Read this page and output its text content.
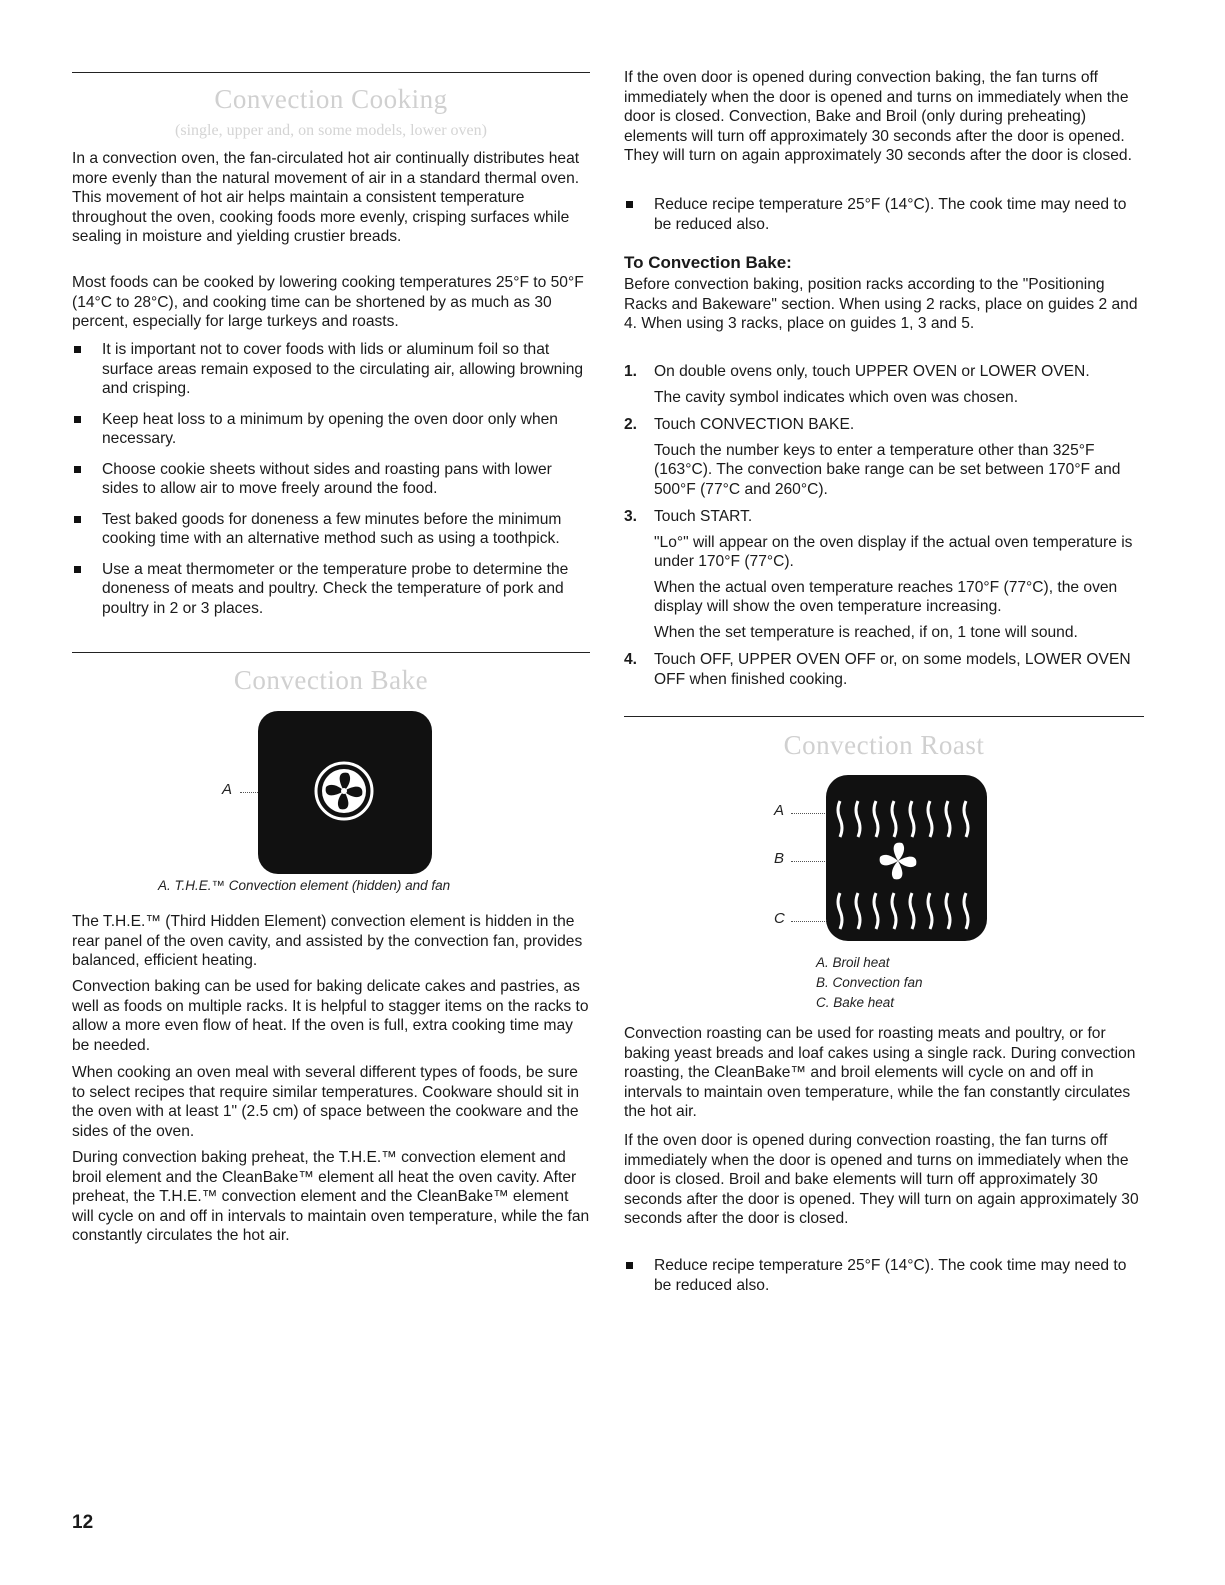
Convection Cooking
(single, upper and, on some models, lower oven)

In a convection oven, the fan-circulated hot air continually distributes heat more evenly than the natural movement of air in a standard thermal oven. This movement of hot air helps maintain a consistent temperature throughout the oven, cooking foods more evenly, crisping surfaces while sealing in moisture and yielding crustier breads.

Most foods can be cooked by lowering cooking temperatures 25°F to 50°F (14°C to 28°C), and cooking time can be shortened by as much as 30 percent, especially for large turkeys and roasts.

It is important not to cover foods with lids or aluminum foil so that surface areas remain exposed to the circulating air, allowing browning and crisping.
Keep heat loss to a minimum by opening the oven door only when necessary.
Choose cookie sheets without sides and roasting pans with lower sides to allow air to move freely around the food.
Test baked goods for doneness a few minutes before the minimum cooking time with an alternative method such as using a toothpick.
Use a meat thermometer or the temperature probe to determine the doneness of meats and poultry. Check the temperature of pork and poultry in 2 or 3 places.
Convection Bake
A
A. T.H.E.™ Convection element (hidden) and fan

The T.H.E.™ (Third Hidden Element) convection element is hidden in the rear panel of the oven cavity, and assisted by the convection fan, provides balanced, efficient heating.

Convection baking can be used for baking delicate cakes and pastries, as well as foods on multiple racks. It is helpful to stagger items on the racks to allow a more even flow of heat. If the oven is full, extra cooking time may be needed.

When cooking an oven meal with several different types of foods, be sure to select recipes that require similar temperatures. Cookware should sit in the oven with at least 1" (2.5 cm) of space between the cookware and the sides of the oven.

During convection baking preheat, the T.H.E.™ convection element and broil element and the CleanBake™ element all heat the oven cavity. After preheat, the T.H.E.™ convection element and the CleanBake™ element will cycle on and off in intervals to maintain oven temperature, while the fan constantly circulates the hot air.

If the oven door is opened during convection baking, the fan turns off immediately when the door is opened and turns on immediately when the door is closed. Convection, Bake and Broil (only during preheating) elements will turn off approximately 30 seconds after the door is opened. They will turn on again approximately 30 seconds after the door is closed.

Reduce recipe temperature 25°F (14°C). The cook time may need to be reduced also.
To Convection Bake:

Before convection baking, position racks according to the "Positioning Racks and Bakeware" section. When using 2 racks, place on guides 2 and 4. When using 3 racks, place on guides 1, 3 and 5.

1. On double ovens only, touch UPPER OVEN or LOWER OVEN.
The cavity symbol indicates which oven was chosen.
2. Touch CONVECTION BAKE.
Touch the number keys to enter a temperature other than 325°F (163°C). The convection bake range can be set between 170°F and 500°F (77°C and 260°C).
3. Touch START.
"Lo°" will appear on the oven display if the actual oven temperature is under 170°F (77°C).
When the actual oven temperature reaches 170°F (77°C), the oven display will show the oven temperature increasing.
When the set temperature is reached, if on, 1 tone will sound.
4. Touch OFF, UPPER OVEN OFF or, on some models, LOWER OVEN OFF when finished cooking.
Convection Roast
A
B
C
A. Broil heat
B. Convection fan
C. Bake heat

Convection roasting can be used for roasting meats and poultry, or for baking yeast breads and loaf cakes using a single rack. During convection roasting, the CleanBake™ and broil elements will cycle on and off in intervals to maintain oven temperature, while the fan constantly circulates the hot air.

If the oven door is opened during convection roasting, the fan turns off immediately when the door is opened and turns on immediately when the door is closed. Broil and bake elements will turn off approximately 30 seconds after the door is opened. They will turn on again approximately 30 seconds after the door is closed.

Reduce recipe temperature 25°F (14°C). The cook time may need to be reduced also.
12
